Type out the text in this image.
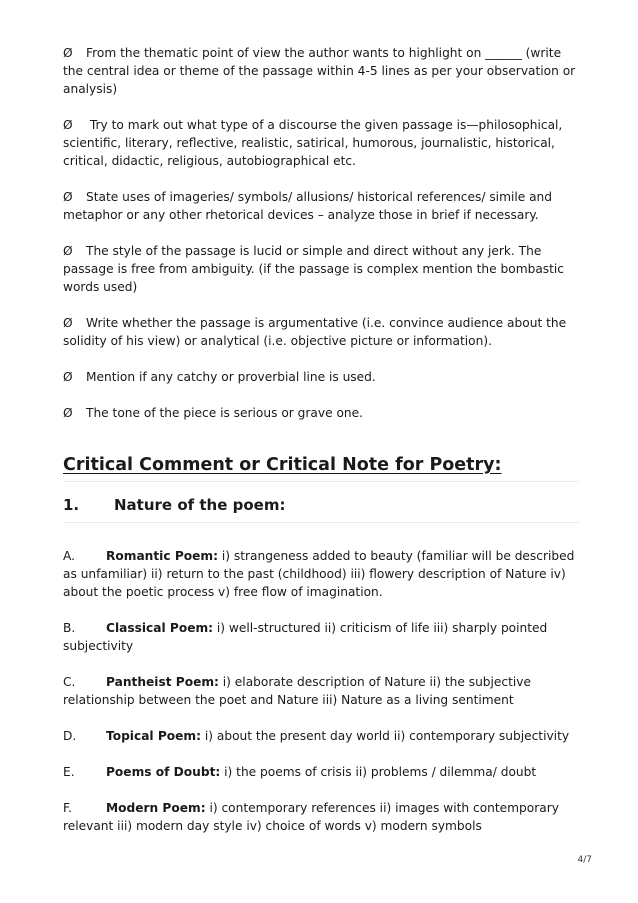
Ø From the thematic point of view the author wants to highlight on ______ (write the central idea or theme of the passage within 4-5 lines as per your observation or analysis)

Ø Try to mark out what type of a discourse the given passage is—philosophical, scientific, literary, reflective, realistic, satirical, humorous, journalistic, historical, critical, didactic, religious, autobiographical etc.

Ø State uses of imageries/ symbols/ allusions/ historical references/ simile and metaphor or any other rhetorical devices – analyze those in brief if necessary.

Ø The style of the passage is lucid or simple and direct without any jerk. The passage is free from ambiguity. (if the passage is complex mention the bombastic words used)

Ø Write whether the passage is argumentative (i.e. convince audience about the solidity of his view) or analytical (i.e. objective picture or information).

Ø Mention if any catchy or proverbial line is used.

Ø The tone of the piece is serious or grave one.

Critical Comment or Critical Note for Poetry:
1. Nature of the poem:

A.	Romantic Poem: i) strangeness added to beauty (familiar will be described as unfamiliar) ii) return to the past (childhood) iii) flowery description of Nature iv) about the poetic process v) free flow of imagination.

B.	Classical Poem: i) well-structured ii) criticism of life iii) sharply pointed subjectivity

C.	Pantheist Poem: i) elaborate description of Nature ii) the subjective relationship between the poet and Nature iii) Nature as a living sentiment

D. Topical Poem: i) about the present day world ii) contemporary subjectivity

E.	Poems of Doubt: i) the poems of crisis ii) problems / dilemma/ doubt

F.	Modern Poem: i) contemporary references ii) images with contemporary relevant iii) modern day style iv) choice of words v) modern symbols

4/7
